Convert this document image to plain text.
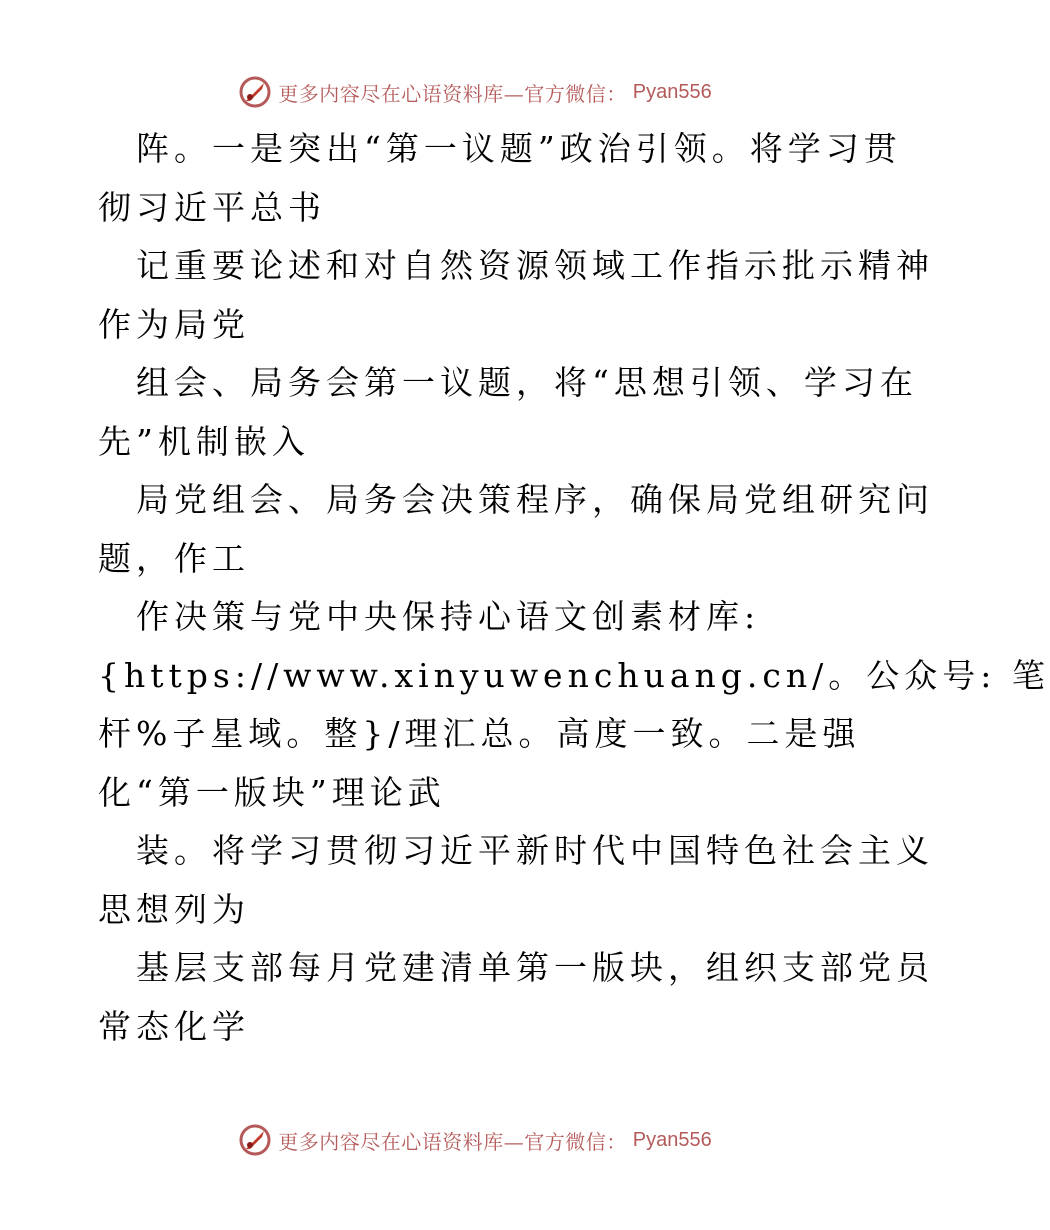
更多内容尽在心语资料库—官方微信： Pyan556
阵。一是突出“第一议题”政治引领。将学习贯
彻习近平总书
记重要论述和对自然资源领域工作指示批示精神
作为局党
组会、局务会第一议题，将“思想引领、学习在
先”机制嵌入
局党组会、局务会决策程序，确保局党组研究问
题，作工
作决策与党中央保持心语文创素材库:
{https://www.xinyuwenchuang.cn/。公众号: 笔
杆%子星域。整}/理汇总。高度一致。二是强
化“第一版块”理论武
装。将学习贯彻习近平新时代中国特色社会主义
思想列为
基层支部每月党建清单第一版块，组织支部党员
常态化学
更多内容尽在心语资料库—官方微信： Pyan556
